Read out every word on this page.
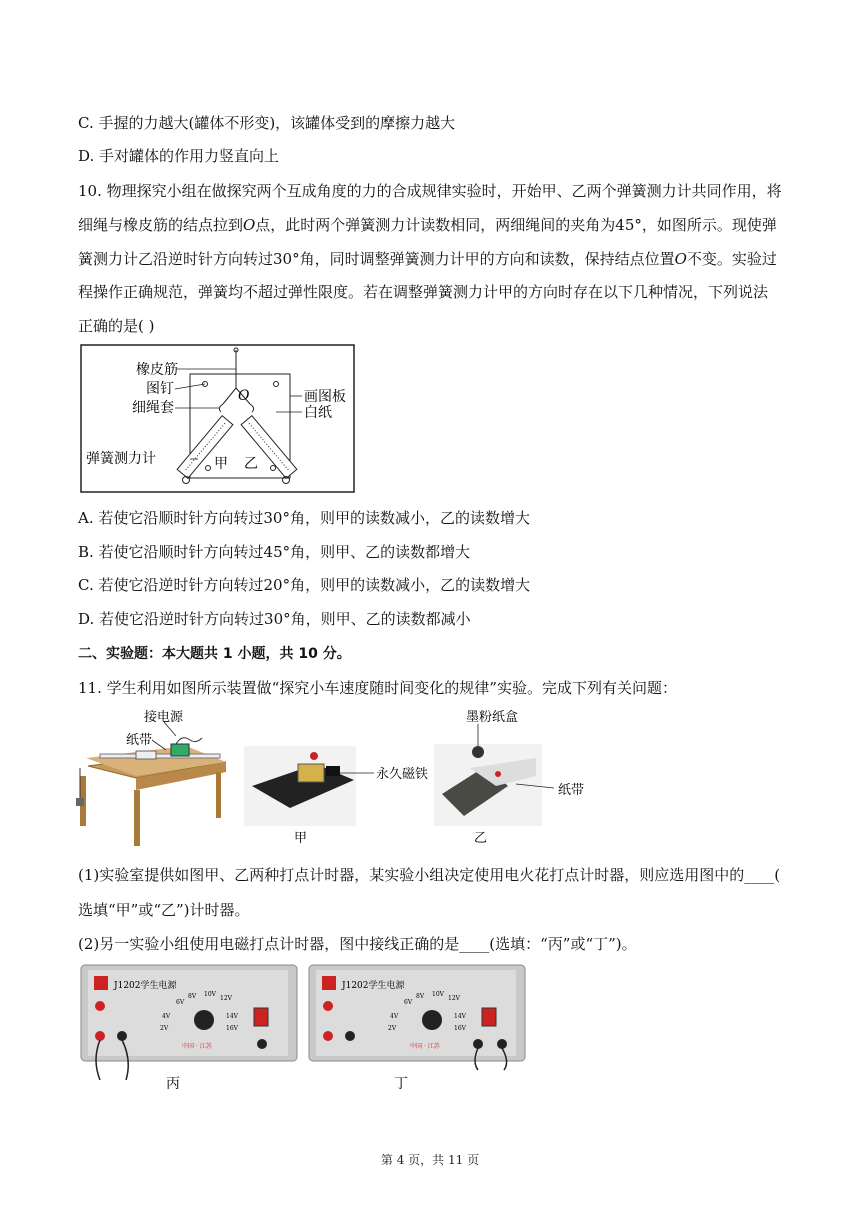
C. 手握的力越大(罐体不形变)，该罐体受到的摩擦力越大
D. 手对罐体的作用力竖直向上
10. 物理探究小组在做探究两个互成角度的力的合成规律实验时，开始甲、乙两个弹簧测力计共同作用，将
细绳与橡皮筋的结点拉到𝑂点，此时两个弹簧测力计读数相同，两细绳间的夹角为45°，如图所示。现使弹
簧测力计乙沿逆时针方向转过30°角，同时调整弹簧测力计甲的方向和读数，保持结点位置𝑂不变。实验过
程操作正确规范，弹簧均不超过弹性限度。若在调整弹簧测力计甲的方向时存在以下几种情况，下列说法
正确的是( )
橡皮筋
图钉
细绳套
弹簧测力计
画图板
白纸
O
甲 乙
A. 若使它沿顺时针方向转过30°角，则甲的读数减小，乙的读数增大
B. 若使它沿顺时针方向转过45°角，则甲、乙的读数都增大
C. 若使它沿逆时针方向转过20°角，则甲的读数减小，乙的读数增大
D. 若使它沿逆时针方向转过30°角，则甲、乙的读数都减小
二、实验题：本大题共 1 小题，共 10 分。
11. 学生利用如图所示装置做“探究小车速度随时间变化的规律”实验。完成下列有关问题：
接电源
纸带
永久磁铁
甲
墨粉纸盒
纸带
乙
(1)实验室提供如图甲、乙两种打点计时器，某实验小组决定使用电火花打点计时器，则应选用图中的____(
选填“甲”或“乙”)计时器。
(2)另一实验小组使用电磁打点计时器，图中接线正确的是____(选填：“丙”或“丁”)。
J1202学生电源
6V
8V 10V
12V
4V	14V
2V	16V
中国 · 江苏
丙
J1202学生电源
6V
8V 10V
12V
4V	14V
2V	16V
中国 · 江苏
丁
第 4 页，共 11 页
